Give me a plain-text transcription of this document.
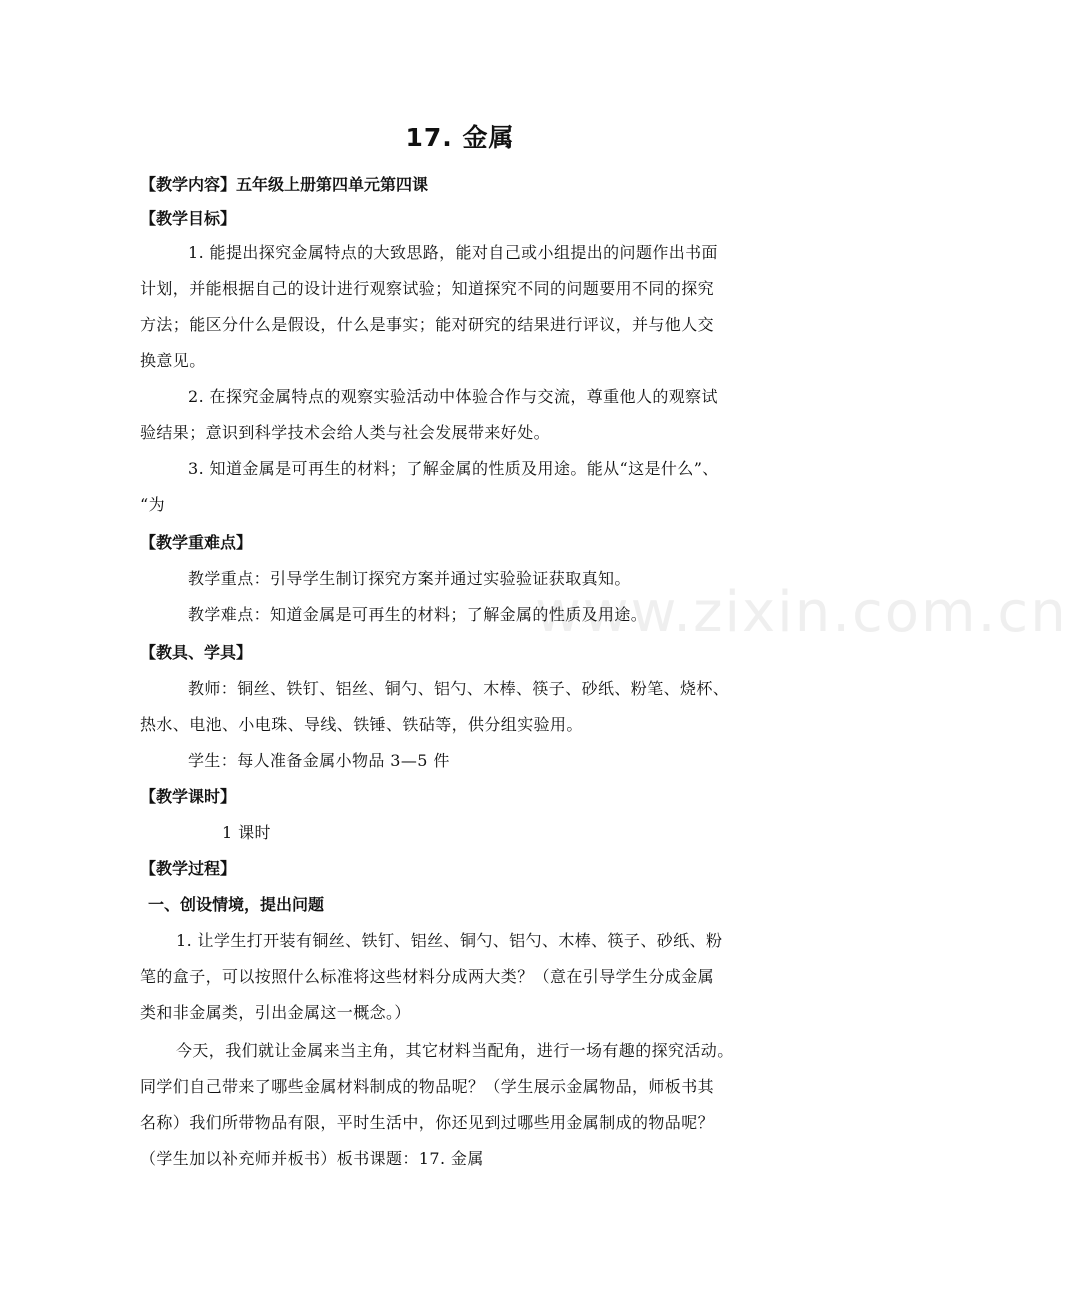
www.zixin.com.cn
17. 金属
【教学内容】五年级上册第四单元第四课
【教学目标】
1. 能提出探究金属特点的大致思路，能对自己或小组提出的问题作出书面
计划，并能根据自己的设计进行观察试验；知道探究不同的问题要用不同的探究
方法；能区分什么是假设，什么是事实；能对研究的结果进行评议，并与他人交
换意见。
2. 在探究金属特点的观察实验活动中体验合作与交流，尊重他人的观察试
验结果；意识到科学技术会给人类与社会发展带来好处。
3. 知道金属是可再生的材料；了解金属的性质及用途。能从“这是什么”、
“为
【教学重难点】
教学重点：引导学生制订探究方案并通过实验验证获取真知。
教学难点：知道金属是可再生的材料；了解金属的性质及用途。
【教具、学具】
教师：铜丝、铁钉、铝丝、铜勺、铝勺、木棒、筷子、砂纸、粉笔、烧杯、
热水、电池、小电珠、导线、铁锤、铁砧等，供分组实验用。
学生：每人准备金属小物品 3—5 件
【教学课时】
1 课时
【教学过程】
一、创设情境，提出问题
1. 让学生打开装有铜丝、铁钉、铝丝、铜勺、铝勺、木棒、筷子、砂纸、粉
笔的盒子，可以按照什么标准将这些材料分成两大类？（意在引导学生分成金属
类和非金属类，引出金属这一概念。）
今天，我们就让金属来当主角，其它材料当配角，进行一场有趣的探究活动。
同学们自己带来了哪些金属材料制成的物品呢？（学生展示金属物品，师板书其
名称）我们所带物品有限，平时生活中，你还见到过哪些用金属制成的物品呢？
（学生加以补充师并板书）板书课题：17. 金属
